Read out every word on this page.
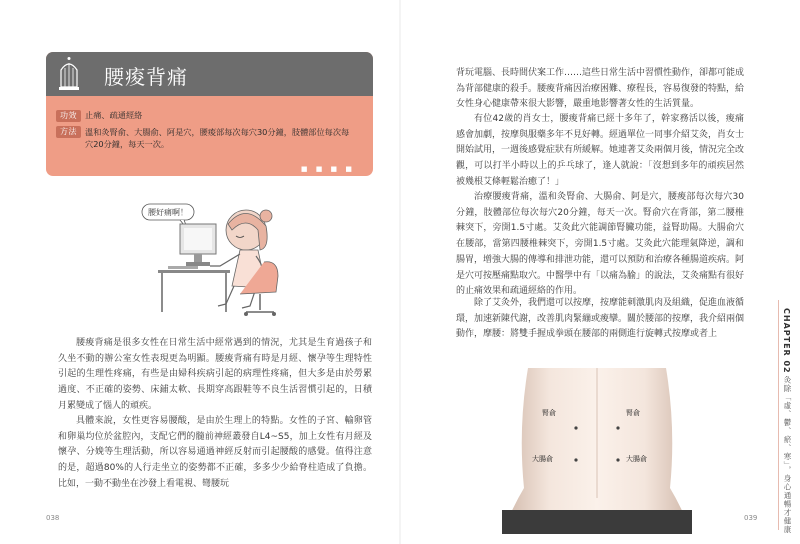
腰痠背痛
功效 止痛、疏通經絡
方法 溫和灸腎俞、大腸俞、阿是穴，腰痠部每次每穴30分鐘，肢體部位每次每穴20分鐘，每天一次。
■ ■ ■ ■
腰好痛啊！

腰痠背痛是很多女性在日常生活中經常遇到的情況，尤其是生育過孩子和久坐不動的辦公室女性表現更為明顯。腰痠背痛有時是月經、懷孕等生理特性引起的生理性疼痛，有些是由婦科疾病引起的病理性疼痛，但大多是由於勞累過度、不正確的姿勢、床鋪太軟、長期穿高跟鞋等不良生活習慣引起的，日積月累變成了惱人的頑疾。

具體來說，女性更容易腰酸，是由於生理上的特點。女性的子宮、輸卵管和卵巢均位於盆腔內，支配它們的髓前神經叢發自L4~S5，加上女性有月經及懷孕、分娩等生理活動，所以容易通過神經反射而引起腰酸的感覺。值得注意的是，超過80%的人行走坐立的姿勢都不正確，多多少少給脊柱造成了負擔。比如，一動不動坐在沙發上看電視、彎腰玩

038

背玩電腦、長時間伏案工作……這些日常生活中習慣性動作，卻都可能成為背部健康的殺手。腰痠背痛因治療困難、療程長，容易復發的特點，給女性身心健康帶來很大影響，嚴重地影響著女性的生活質量。

有位42歲的肖女士，腰痠背痛已經十多年了，幹家務活以後，痠痛感會加劇，按摩與服藥多年不見好轉。經過單位一同事介紹艾灸，肖女士開始試用，一週後感覺症狀有所緩解。她連著艾灸兩個月後，情況完全改觀，可以打半小時以上的乒乓球了，逢人就說：「沒想到多年的頑疾居然被幾根艾條輕鬆治癒了！」

治療腰痠背痛，溫和灸腎俞、大腸俞、阿是穴，腰痠部每次每穴30分鐘，肢體部位每次每穴20分鐘，每天一次。腎俞穴在背部，第二腰椎棘突下，旁開1.5寸處。艾灸此穴能調節腎臟功能，益腎助陽。大腸俞穴在腰部，當第四腰椎棘突下，旁開1.5寸處。艾灸此穴能理氣降逆，調和腸胃，增強大腸的傳導和排泄功能，還可以預防和治療各種腸道疾病。阿是穴可按壓痛點取穴。中醫學中有「以痛為腧」的說法，艾灸痛點有很好的止痛效果和疏通經絡的作用。

除了艾灸外，我們還可以按摩，按摩能刺激肌肉及組織，促進血液循環，加速新陳代謝，改善肌肉緊繃或痠攣。關於腰部的按摩，我介紹兩個動作，摩腰：將雙手握成拳頭在腰部的兩側進行旋轉式按摩或者上

腎俞	腎俞
大腸俞	大腸俞
039
CHAPTER 02
灸除「虛、鬱、瘀、寒」，身心通暢才健康
